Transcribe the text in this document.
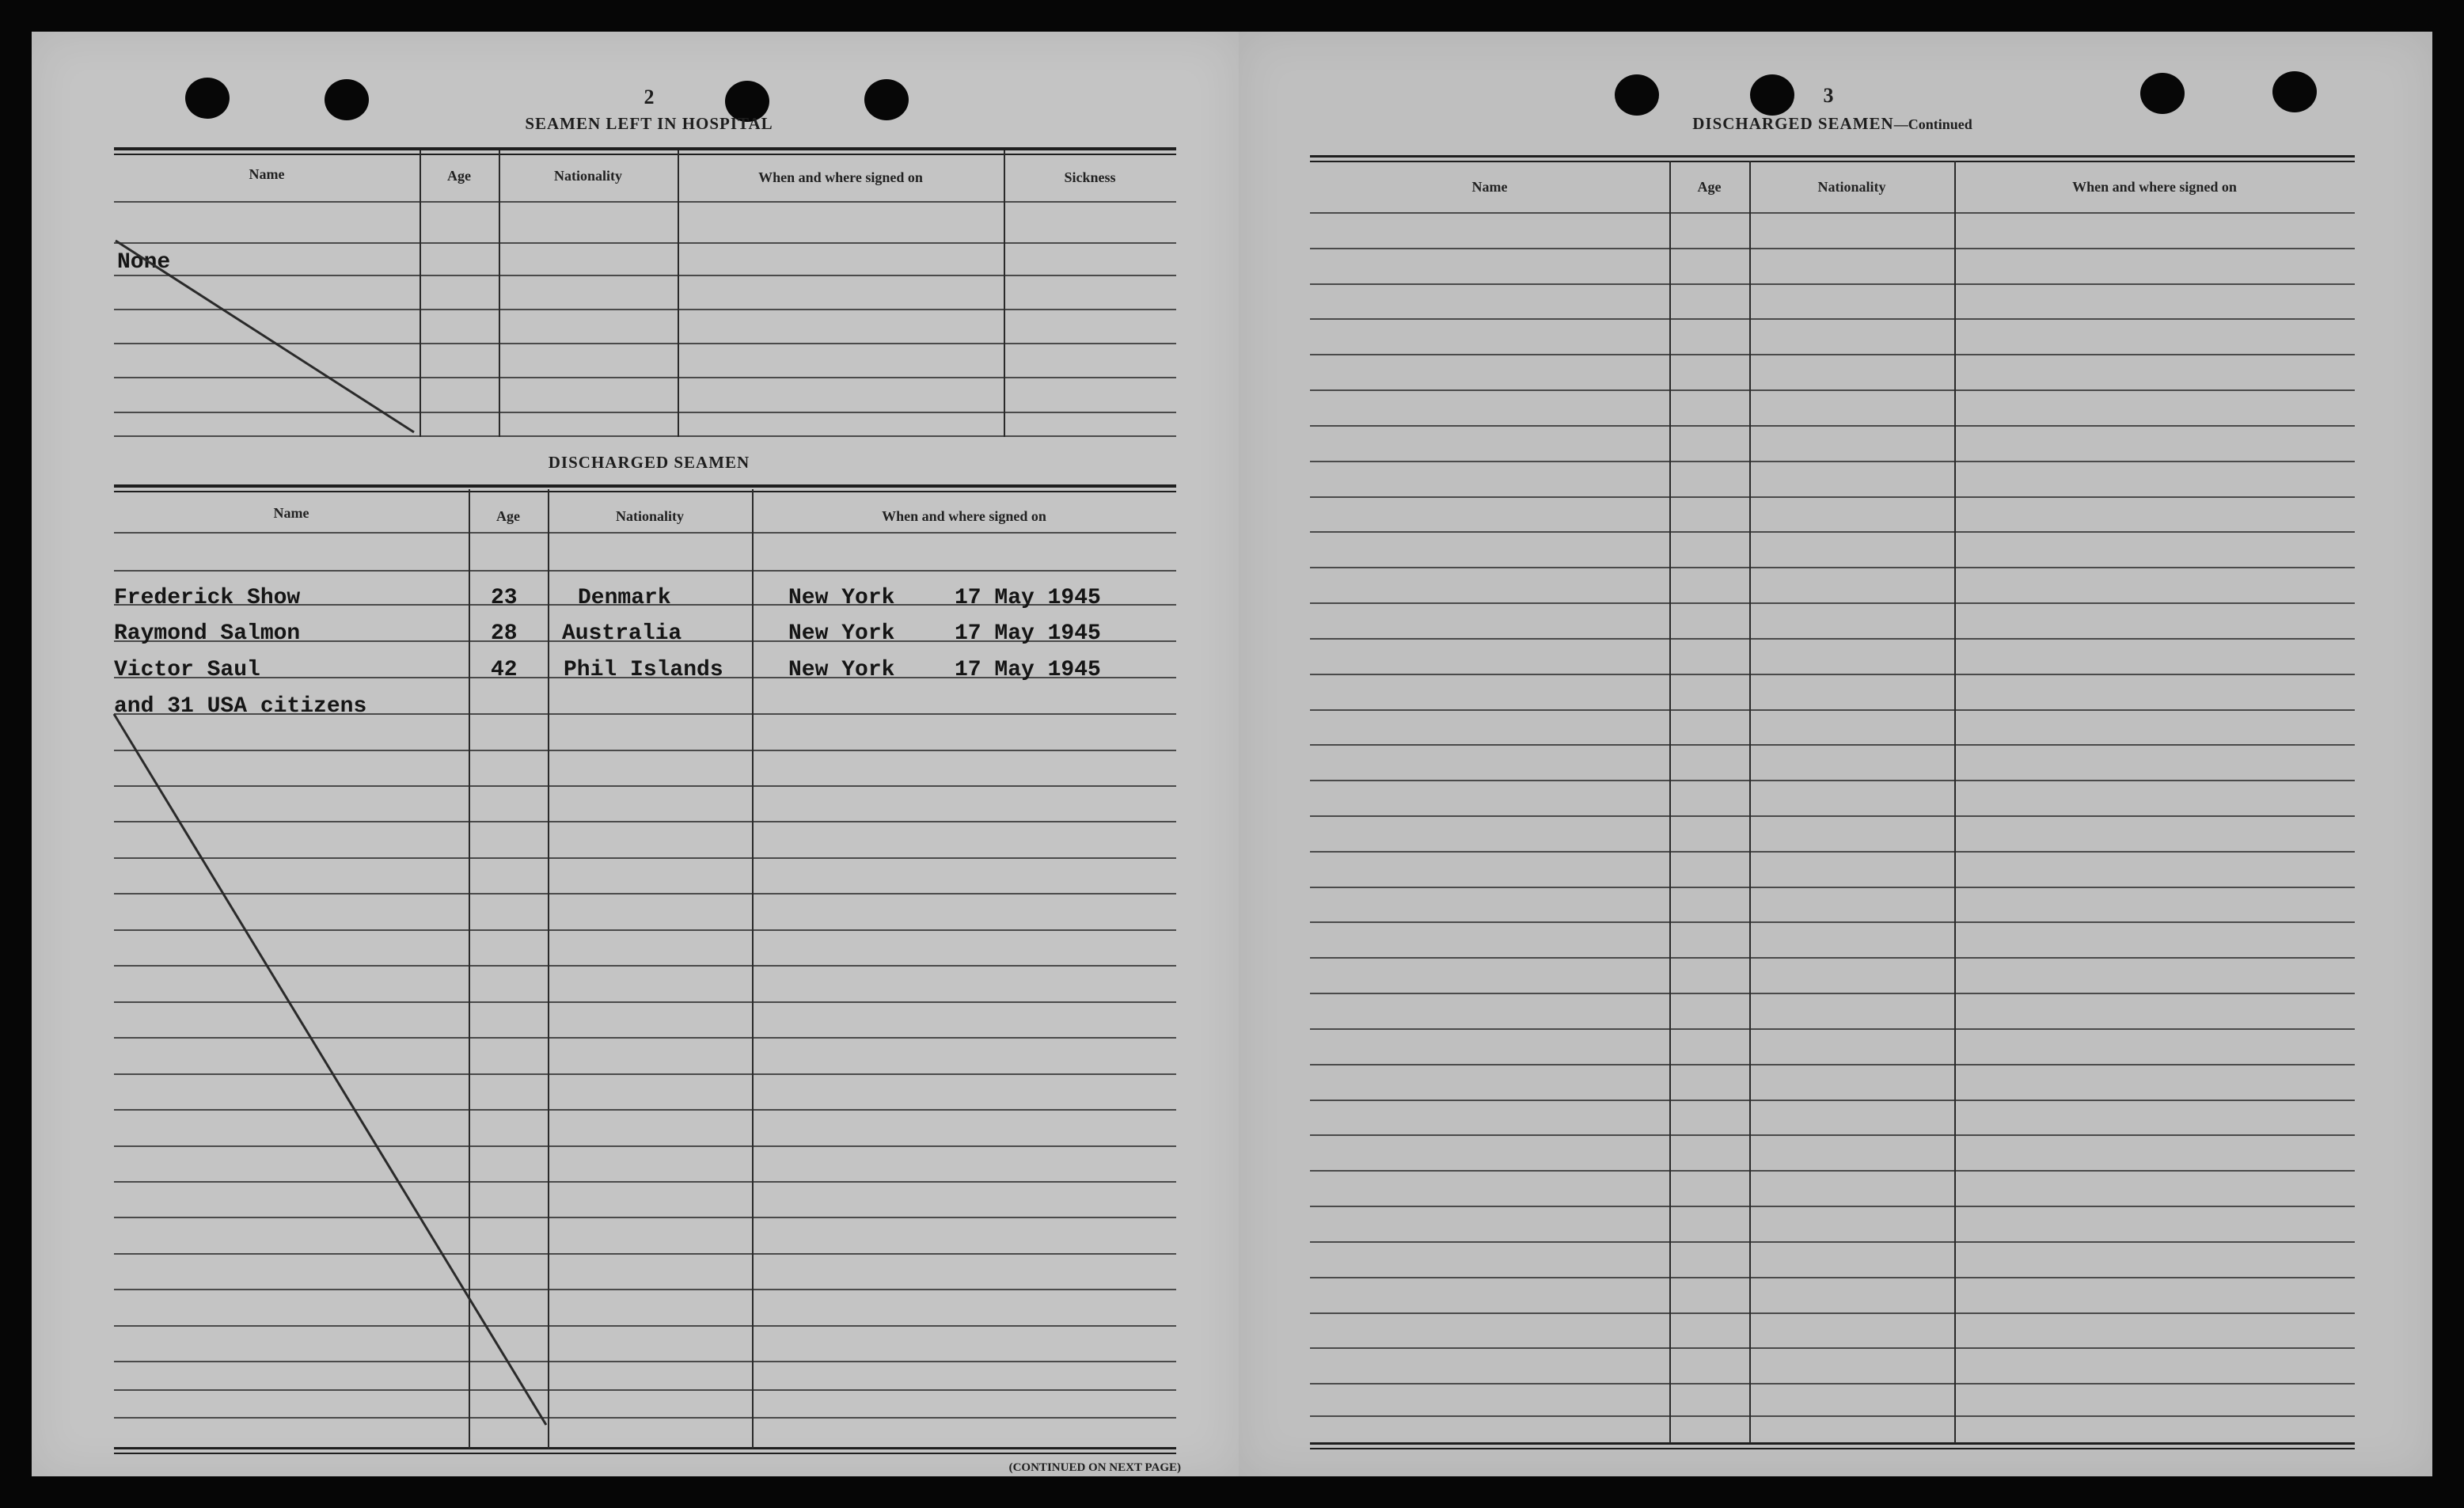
2
SEAMEN LEFT IN HOSPITAL
Name	Age	Nationality	When and where signed on	Sickness
None
DISCHARGED SEAMEN
Name	Age	Nationality	When and where signed on
Frederick Show	23	Denmark	New York	17 May 1945
Raymond Salmon	28 Australia	New York	17 May 1945
Victor Saul	42 Phil Islands	New York	17 May 1945
and 31 USA citizens
(CONTINUED ON NEXT PAGE)
3
DISCHARGED SEAMEN—Continued
Name	Age	Nationality	When and where signed on
